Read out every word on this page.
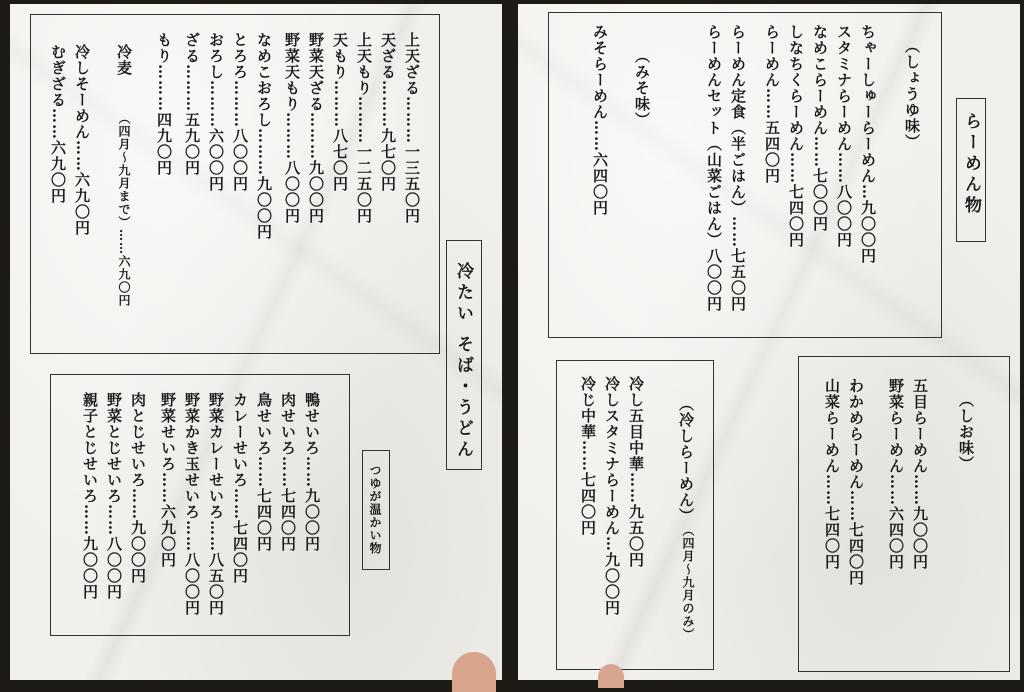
冷たい そば・うどん
上天ざる………一三五〇円
天ざる………九七〇円
上天もり………一二五〇円
天もり………八七〇円
野菜天ざる………九〇〇円
野菜天もり………八〇〇円
なめこおろし………九〇〇円
とろろ………八〇〇円
おろし………六〇〇円
ざる………五九〇円
もり………四九〇円
冷麦
（四月〜九月まで）……六九〇円
冷しそーめん……六九〇円
むぎざる……六九〇円
つゆが温かい物
鴨せいろ……九〇〇円
肉せいろ……七四〇円
鳥せいろ……七四〇円
カレーせいろ……七四〇円
野菜カレーせいろ……八五〇円
野菜かき玉せいろ……八〇〇円
野菜せいろ……六九〇円
肉とじせいろ……九〇〇円
野菜とじせいろ……八〇〇円
親子とじせいろ……九〇〇円
らーめん物
（しょうゆ味）
ちゃーしゅーらーめん…九〇〇円
スタミナらーめん……八〇〇円
なめこらーめん……七〇〇円
しなちくらーめん……七四〇円
らーめん……五四〇円
らーめん定食（半ごはん）……七五〇円
らーめんセット（山菜ごはん）八〇〇円
（みそ味）
みそらーめん……六四〇円
（冷しらーめん）
（四月〜九月のみ）
冷し五目中華……九五〇円
冷しスタミナらーめん…九〇〇円
冷じ中華……七四〇円	（しお味）
五目らーめん……九〇〇円
野菜らーめん……六四〇円
わかめらーめん……七四〇円
山菜らーめん……七四〇円
